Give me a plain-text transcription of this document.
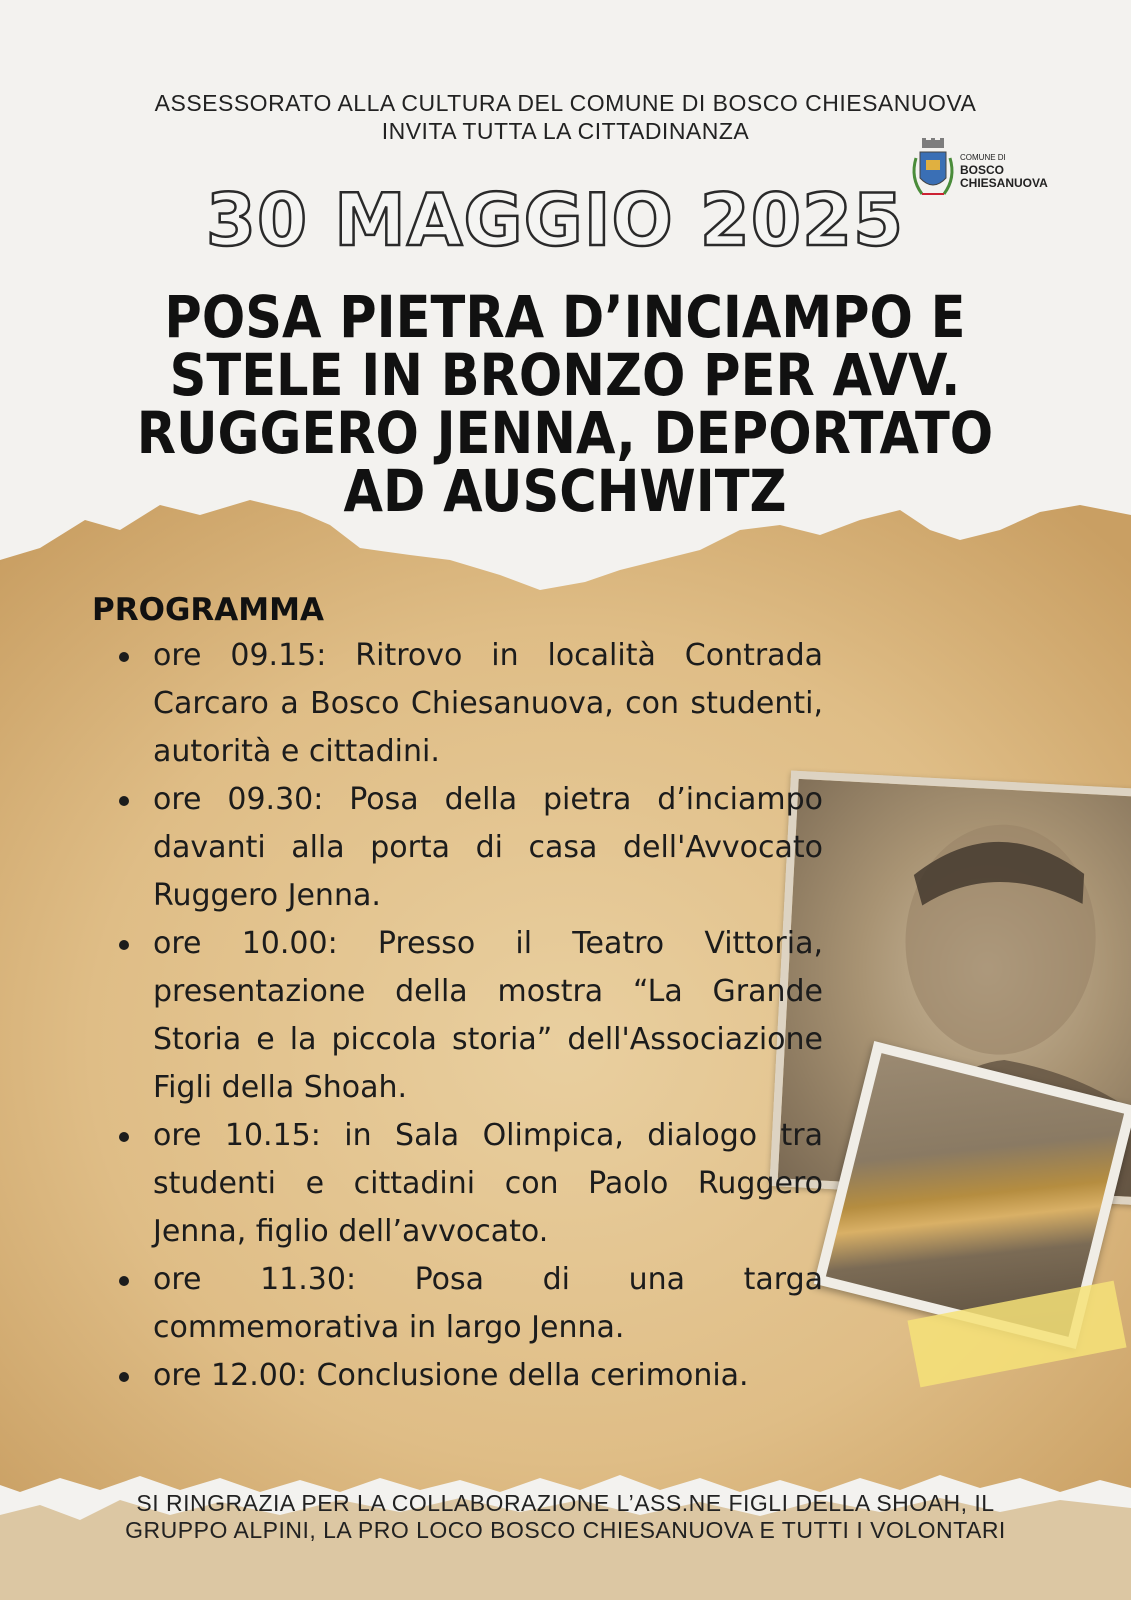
ASSESSORATO ALLA CULTURA DEL COMUNE DI BOSCO CHIESANUOVA
INVITA TUTTA LA CITTADINANZA
COMUNE DI
BOSCO
CHIESANUOVA
30 MAGGIO 2025
POSA PIETRA D’INCIAMPO E STELE IN BRONZO PER AVV. RUGGERO JENNA, DEPORTATO AD AUSCHWITZ
PROGRAMMA
ore 09.15: Ritrovo in località Contrada Carcaro a Bosco Chiesanuova, con studenti, autorità e cittadini.
ore 09.30: Posa della pietra d’inciampo davanti alla porta di casa dell'Avvocato Ruggero Jenna.
ore 10.00: Presso il Teatro Vittoria, presentazione della mostra “La Grande Storia e la piccola storia” dell'Associazione Figli della Shoah.
ore 10.15: in Sala Olimpica, dialogo tra studenti e cittadini con Paolo Ruggero Jenna, figlio dell’avvocato.
ore 11.30: Posa di una targa commemorativa in largo Jenna.
ore 12.00: Conclusione della cerimonia.
SI RINGRAZIA PER LA COLLABORAZIONE L’ASS.NE FIGLI DELLA SHOAH, IL
GRUPPO ALPINI, LA PRO LOCO BOSCO CHIESANUOVA E TUTTI I VOLONTARI
